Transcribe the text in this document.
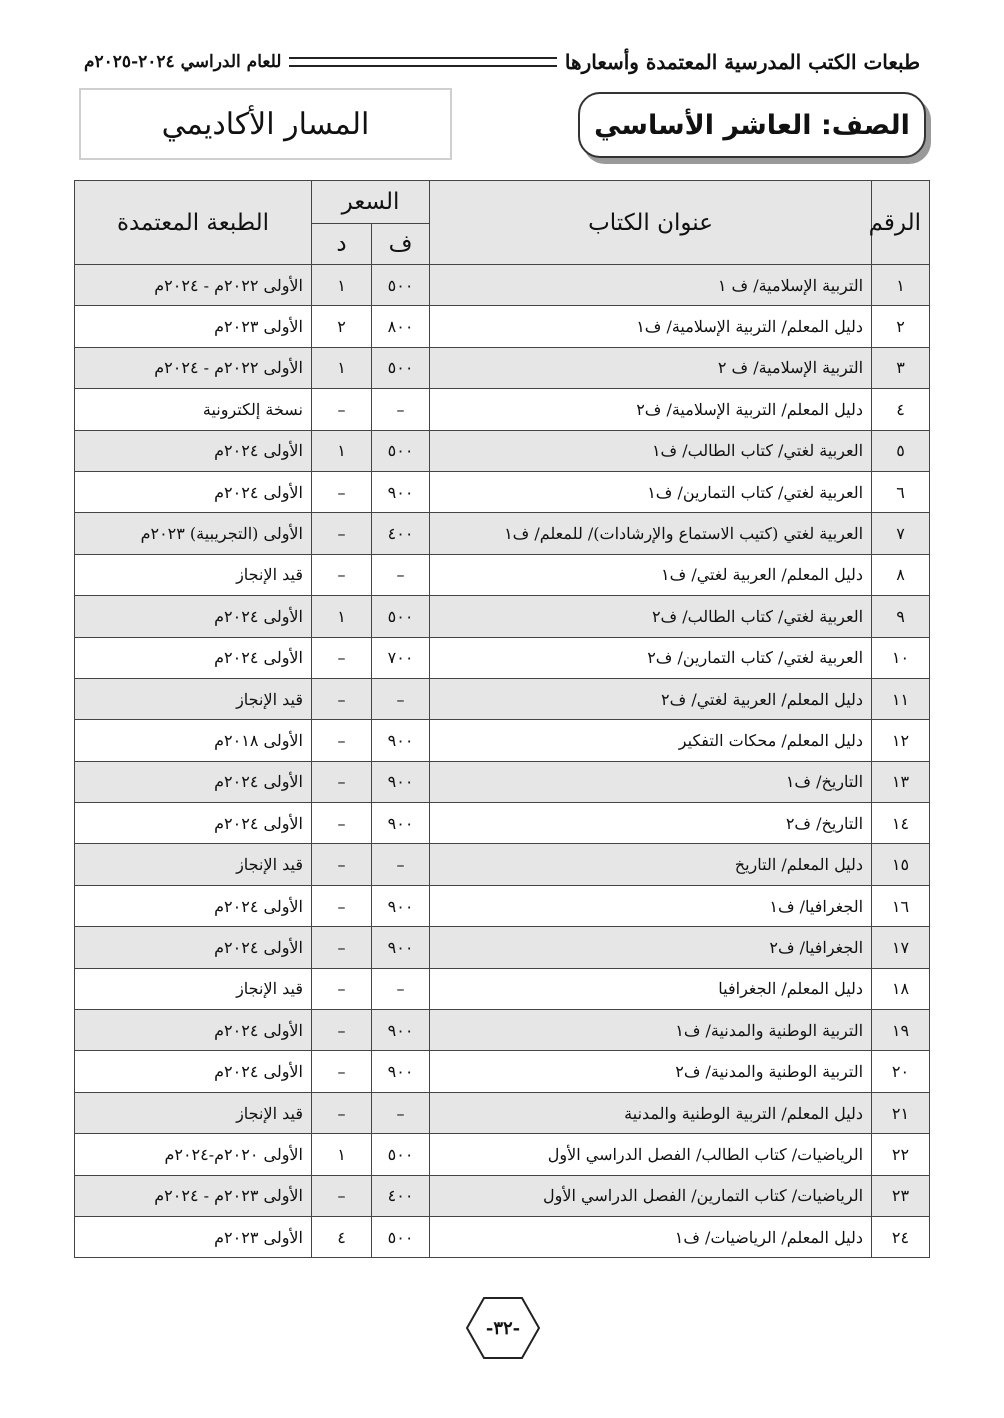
طبعات الكتب المدرسية المعتمدة وأسعارها
للعام الدراسي ٢٠٢٤-٢٠٢٥م
الصف: العاشر الأساسي
المسار الأكاديمي
الرقم	عنوان الكتاب	السعر		الطبعة المعتمدة
		ف	د	
١	التربية الإسلامية/ ف ١	٥٠٠	١	الأولى ٢٠٢٢م - ٢٠٢٤م
٢	دليل المعلم/ التربية الإسلامية/ ف١	٨٠٠	٢	الأولى ٢٠٢٣م
٣	التربية الإسلامية/ ف ٢	٥٠٠	١	الأولى ٢٠٢٢م - ٢٠٢٤م
٤	دليل المعلم/ التربية الإسلامية/ ف٢	–	–	نسخة إلكترونية
٥	العربية لغتي/ كتاب الطالب/ ف١	٥٠٠	١	الأولى ٢٠٢٤م
٦	العربية لغتي/ كتاب التمارين/ ف١	٩٠٠	–	الأولى ٢٠٢٤م
٧	العربية لغتي (كتيب الاستماع والإرشادات)/ للمعلم/ ف١	٤٠٠	–	الأولى (التجريبية) ٢٠٢٣م
٨	دليل المعلم/ العربية لغتي/ ف١	–	–	قيد الإنجاز
٩	العربية لغتي/ كتاب الطالب/ ف٢	٥٠٠	١	الأولى ٢٠٢٤م
١٠	العربية لغتي/ كتاب التمارين/ ف٢	٧٠٠	–	الأولى ٢٠٢٤م
١١	دليل المعلم/ العربية لغتي/ ف٢	–	–	قيد الإنجاز
١٢	دليل المعلم/ محكات التفكير	٩٠٠	–	الأولى ٢٠١٨م
١٣	التاريخ/ ف١	٩٠٠	–	الأولى ٢٠٢٤م
١٤	التاريخ/ ف٢	٩٠٠	–	الأولى ٢٠٢٤م
١٥	دليل المعلم/ التاريخ	–	–	قيد الإنجاز
١٦	الجغرافيا/ ف١	٩٠٠	–	الأولى ٢٠٢٤م
١٧	الجغرافيا/ ف٢	٩٠٠	–	الأولى ٢٠٢٤م
١٨	دليل المعلم/ الجغرافيا	–	–	قيد الإنجاز
١٩	التربية الوطنية والمدنية/ ف١	٩٠٠	–	الأولى ٢٠٢٤م
٢٠	التربية الوطنية والمدنية/ ف٢	٩٠٠	–	الأولى ٢٠٢٤م
٢١	دليل المعلم/ التربية الوطنية والمدنية	–	–	قيد الإنجاز
٢٢	الرياضيات/ كتاب الطالب/ الفصل الدراسي الأول	٥٠٠	١	الأولى ٢٠٢٠م-٢٠٢٤م
٢٣	الرياضيات/ كتاب التمارين/ الفصل الدراسي الأول	٤٠٠	–	الأولى ٢٠٢٣م - ٢٠٢٤م
٢٤	دليل المعلم/ الرياضيات/ ف١	٥٠٠	٤	الأولى ٢٠٢٣م
-٣٢-
